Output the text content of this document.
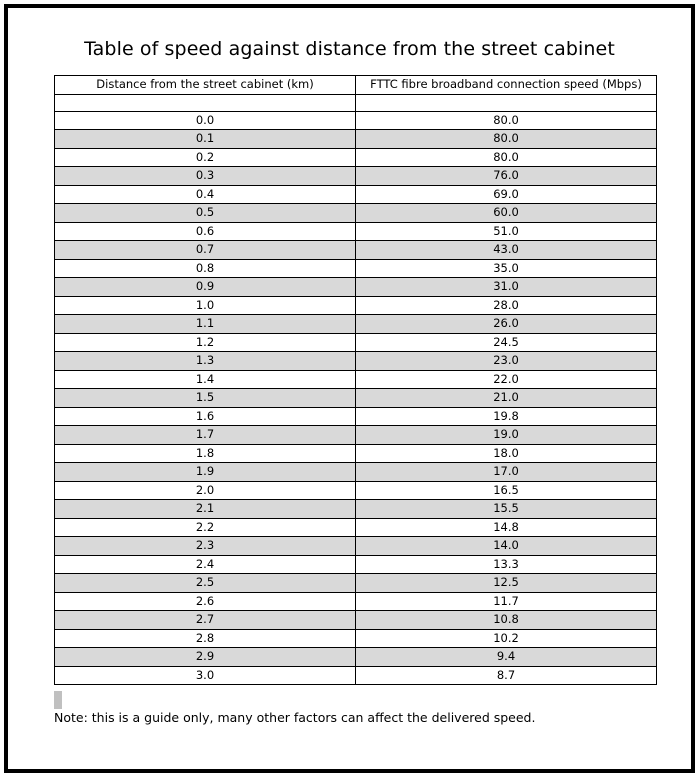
Table of speed against distance from the street cabinet
Distance from the street cabinet (km)	FTTC fibre broadband connection speed (Mbps)

0.0	80.0
0.1	80.0
0.2	80.0
0.3	76.0
0.4	69.0
0.5	60.0
0.6	51.0
0.7	43.0
0.8	35.0
0.9	31.0
1.0	28.0
1.1	26.0
1.2	24.5
1.3	23.0
1.4	22.0
1.5	21.0
1.6	19.8
1.7	19.0
1.8	18.0
1.9	17.0
2.0	16.5
2.1	15.5
2.2	14.8
2.3	14.0
2.4	13.3
2.5	12.5
2.6	11.7
2.7	10.8
2.8	10.2
2.9	9.4
3.0	8.7
Note: this is a guide only, many other factors can affect the delivered speed.
